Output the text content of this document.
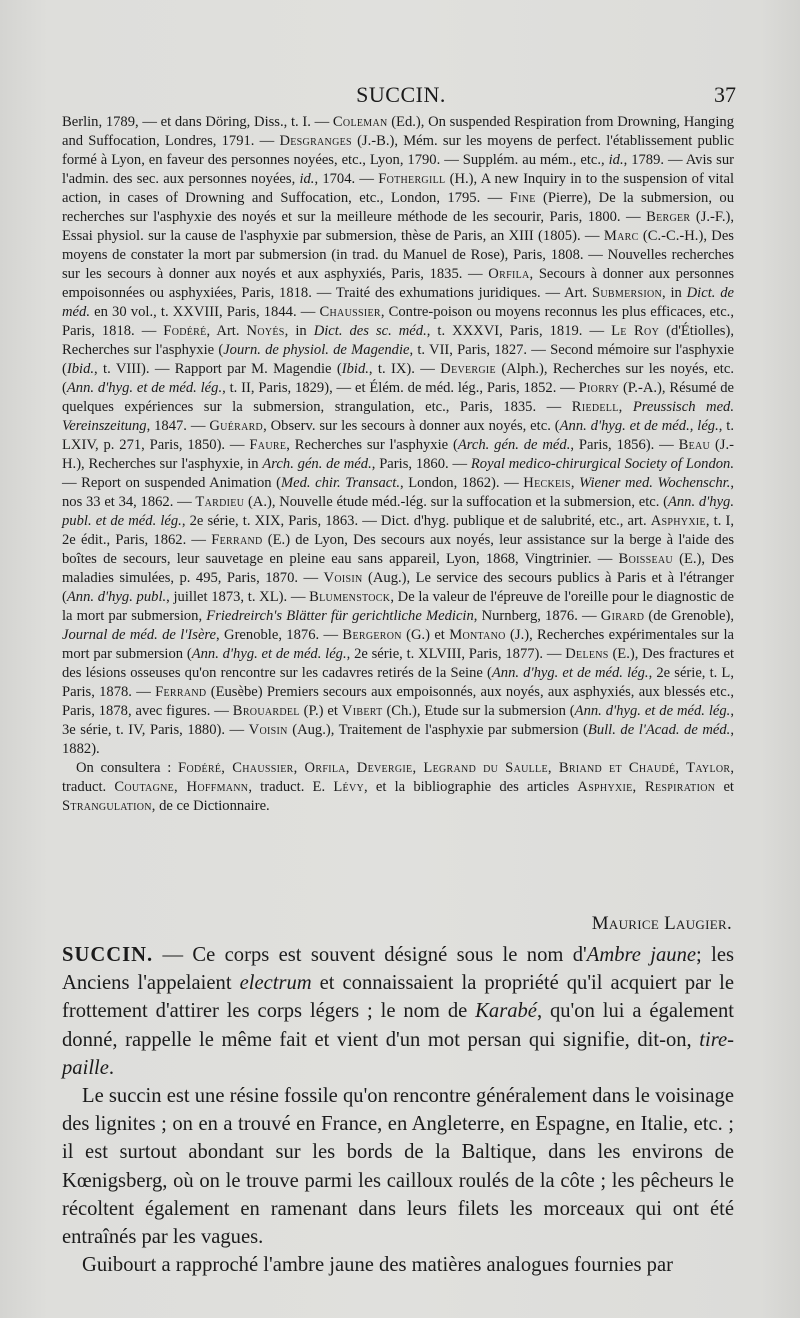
SUCCIN.	37

Berlin, 1789, — et dans Döring, Diss., t. I. — Coleman (Ed.), On suspended Respiration from Drowning, Hanging and Suffocation, Londres, 1791. — Desgranges (J.-B.), Mém. sur les moyens de perfect. l'établissement public formé à Lyon, en faveur des personnes noyées, etc., Lyon, 1790. — Supplém. au mém., etc., id., 1789. — Avis sur l'admin. des sec. aux personnes noyées, id., 1704. — Fothergill (H.), A new Inquiry in to the suspension of vital action, in cases of Drowning and Suffocation, etc., London, 1795. — Fine (Pierre), De la submersion, ou recherches sur l'asphyxie des noyés et sur la meilleure méthode de les secourir, Paris, 1800. — Berger (J.-F.), Essai physiol. sur la cause de l'asphyxie par submersion, thèse de Paris, an XIII (1805). — Marc (C.-C.-H.), Des moyens de constater la mort par submersion (in trad. du Manuel de Rose), Paris, 1808. — Nouvelles recherches sur les secours à donner aux noyés et aux asphyxiés, Paris, 1835. — Orfila, Secours à donner aux personnes empoisonnées ou asphyxiées, Paris, 1818. — Traité des exhumations juridiques. — Art. Submersion, in Dict. de méd. en 30 vol., t. XXVIII, Paris, 1844. — Chaussier, Contre-poison ou moyens reconnus les plus efficaces, etc., Paris, 1818. — Fodéré, Art. Noyés, in Dict. des sc. méd., t. XXXVI, Paris, 1819. — Le Roy (d'Étiolles), Recherches sur l'asphyxie (Journ. de physiol. de Magendie, t. VII, Paris, 1827. — Second mémoire sur l'asphyxie (Ibid., t. VIII). — Rapport par M. Magendie (Ibid., t. IX). — Devergie (Alph.), Recherches sur les noyés, etc. (Ann. d'hyg. et de méd. lég., t. II, Paris, 1829), — et Élém. de méd. lég., Paris, 1852. — Piorry (P.-A.), Résumé de quelques expériences sur la submersion, strangulation, etc., Paris, 1835. — Riedell, Preussisch med. Vereinszeitung, 1847. — Guérard, Observ. sur les secours à donner aux noyés, etc. (Ann. d'hyg. et de méd., lég., t. LXIV, p. 271, Paris, 1850). — Faure, Recherches sur l'asphyxie (Arch. gén. de méd., Paris, 1856). — Beau (J.-H.), Recherches sur l'asphyxie, in Arch. gén. de méd., Paris, 1860. — Royal medico-chirurgical Society of London. — Report on suspended Animation (Med. chir. Transact., London, 1862). — Heckeis, Wiener med. Wochenschr., nos 33 et 34, 1862. — Tardieu (A.), Nouvelle étude méd.-lég. sur la suffocation et la submersion, etc. (Ann. d'hyg. publ. et de méd. lég., 2e série, t. XIX, Paris, 1863. — Dict. d'hyg. publique et de salubrité, etc., art. Asphyxie, t. I, 2e édit., Paris, 1862. — Ferrand (E.) de Lyon, Des secours aux noyés, leur assistance sur la berge à l'aide des boîtes de secours, leur sauvetage en pleine eau sans appareil, Lyon, 1868, Vingtrinier. — Boisseau (E.), Des maladies simulées, p. 495, Paris, 1870. — Voisin (Aug.), Le service des secours publics à Paris et à l'étranger (Ann. d'hyg. publ., juillet 1873, t. XL). — Blumenstock, De la valeur de l'épreuve de l'oreille pour le diagnostic de la mort par submersion, Friedreirch's Blätter für gerichtliche Medicin, Nurnberg, 1876. — Girard (de Grenoble), Journal de méd. de l'Isère, Grenoble, 1876. — Bergeron (G.) et Montano (J.), Recherches expérimentales sur la mort par submersion (Ann. d'hyg. et de méd. lég., 2e série, t. XLVIII, Paris, 1877). — Delens (E.), Des fractures et des lésions osseuses qu'on rencontre sur les cadavres retirés de la Seine (Ann. d'hyg. et de méd. lég., 2e série, t. L, Paris, 1878. — Ferrand (Eusèbe) Premiers secours aux empoisonnés, aux noyés, aux asphyxiés, aux blessés etc., Paris, 1878, avec figures. — Brouardel (P.) et Vibert (Ch.), Etude sur la submersion (Ann. d'hyg. et de méd. lég., 3e série, t. IV, Paris, 1880). — Voisin (Aug.), Traitement de l'asphyxie par submersion (Bull. de l'Acad. de méd., 1882).

On consultera : Fodéré, Chaussier, Orfila, Devergie, Legrand du Saulle, Briand et Chaudé, Taylor, traduct. Coutagne, Hoffmann, traduct. E. Lévy, et la bibliographie des articles Asphyxie, Respiration et Strangulation, de ce Dictionnaire.

Maurice Laugier.

SUCCIN. — Ce corps est souvent désigné sous le nom d'Ambre jaune; les Anciens l'appelaient electrum et connaissaient la propriété qu'il acquiert par le frottement d'attirer les corps légers ; le nom de Karabé, qu'on lui a également donné, rappelle le même fait et vient d'un mot persan qui signifie, dit-on, tire-paille.

Le succin est une résine fossile qu'on rencontre généralement dans le voisinage des lignites ; on en a trouvé en France, en Angleterre, en Espagne, en Italie, etc. ; il est surtout abondant sur les bords de la Baltique, dans les environs de Kœnigsberg, où on le trouve parmi les cailloux roulés de la côte ; les pêcheurs le récoltent également en ramenant dans leurs filets les morceaux qui ont été entraînés par les vagues.

Guibourt a rapproché l'ambre jaune des matières analogues fournies par
